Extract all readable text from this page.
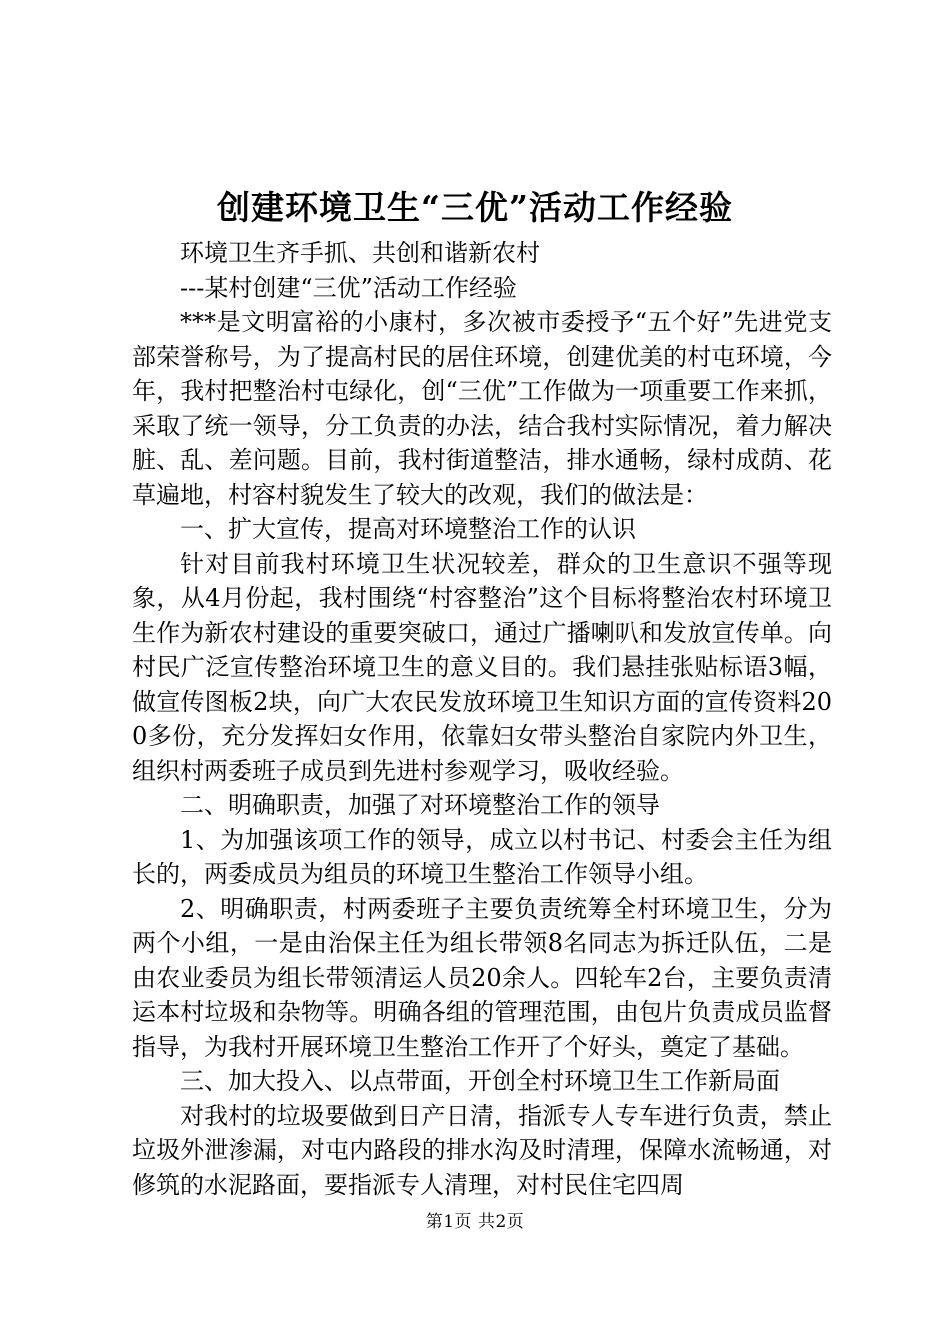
创建环境卫生“三优”活动工作经验

环境卫生齐手抓、共创和谐新农村

---某村创建“三优”活动工作经验

***是文明富裕的小康村，多次被市委授予“五个好”先进党支部荣誉称号，为了提高村民的居住环境，创建优美的村屯环境，今年，我村把整治村屯绿化，创“三优”工作做为一项重要工作来抓，采取了统一领导，分工负责的办法，结合我村实际情况，着力解决脏、乱、差问题。目前，我村街道整洁，排水通畅，绿村成荫、花草遍地，村容村貌发生了较大的改观，我们的做法是：

一、扩大宣传，提高对环境整治工作的认识

针对目前我村环境卫生状况较差，群众的卫生意识不强等现象，从4月份起，我村围绕“村容整治”这个目标将整治农村环境卫生作为新农村建设的重要突破口，通过广播喇叭和发放宣传单。向村民广泛宣传整治环境卫生的意义目的。我们悬挂张贴标语3幅，做宣传图板2块，向广大农民发放环境卫生知识方面的宣传资料200多份，充分发挥妇女作用，依靠妇女带头整治自家院内外卫生，组织村两委班子成员到先进村参观学习，吸收经验。

二、明确职责，加强了对环境整治工作的领导

1、为加强该项工作的领导，成立以村书记、村委会主任为组长的，两委成员为组员的环境卫生整治工作领导小组。

2、明确职责，村两委班子主要负责统筹全村环境卫生，分为两个小组，一是由治保主任为组长带领8名同志为拆迁队伍，二是由农业委员为组长带领清运人员20余人。四轮车2台，主要负责清运本村垃圾和杂物等。明确各组的管理范围，由包片负责成员监督指导，为我村开展环境卫生整治工作开了个好头，奠定了基础。

三、加大投入、以点带面，开创全村环境卫生工作新局面

对我村的垃圾要做到日产日清，指派专人专车进行负责，禁止垃圾外泄渗漏，对屯内路段的排水沟及时清理，保障水流畅通，对修筑的水泥路面，要指派专人清理，对村民住宅四周

第1页 共2页
